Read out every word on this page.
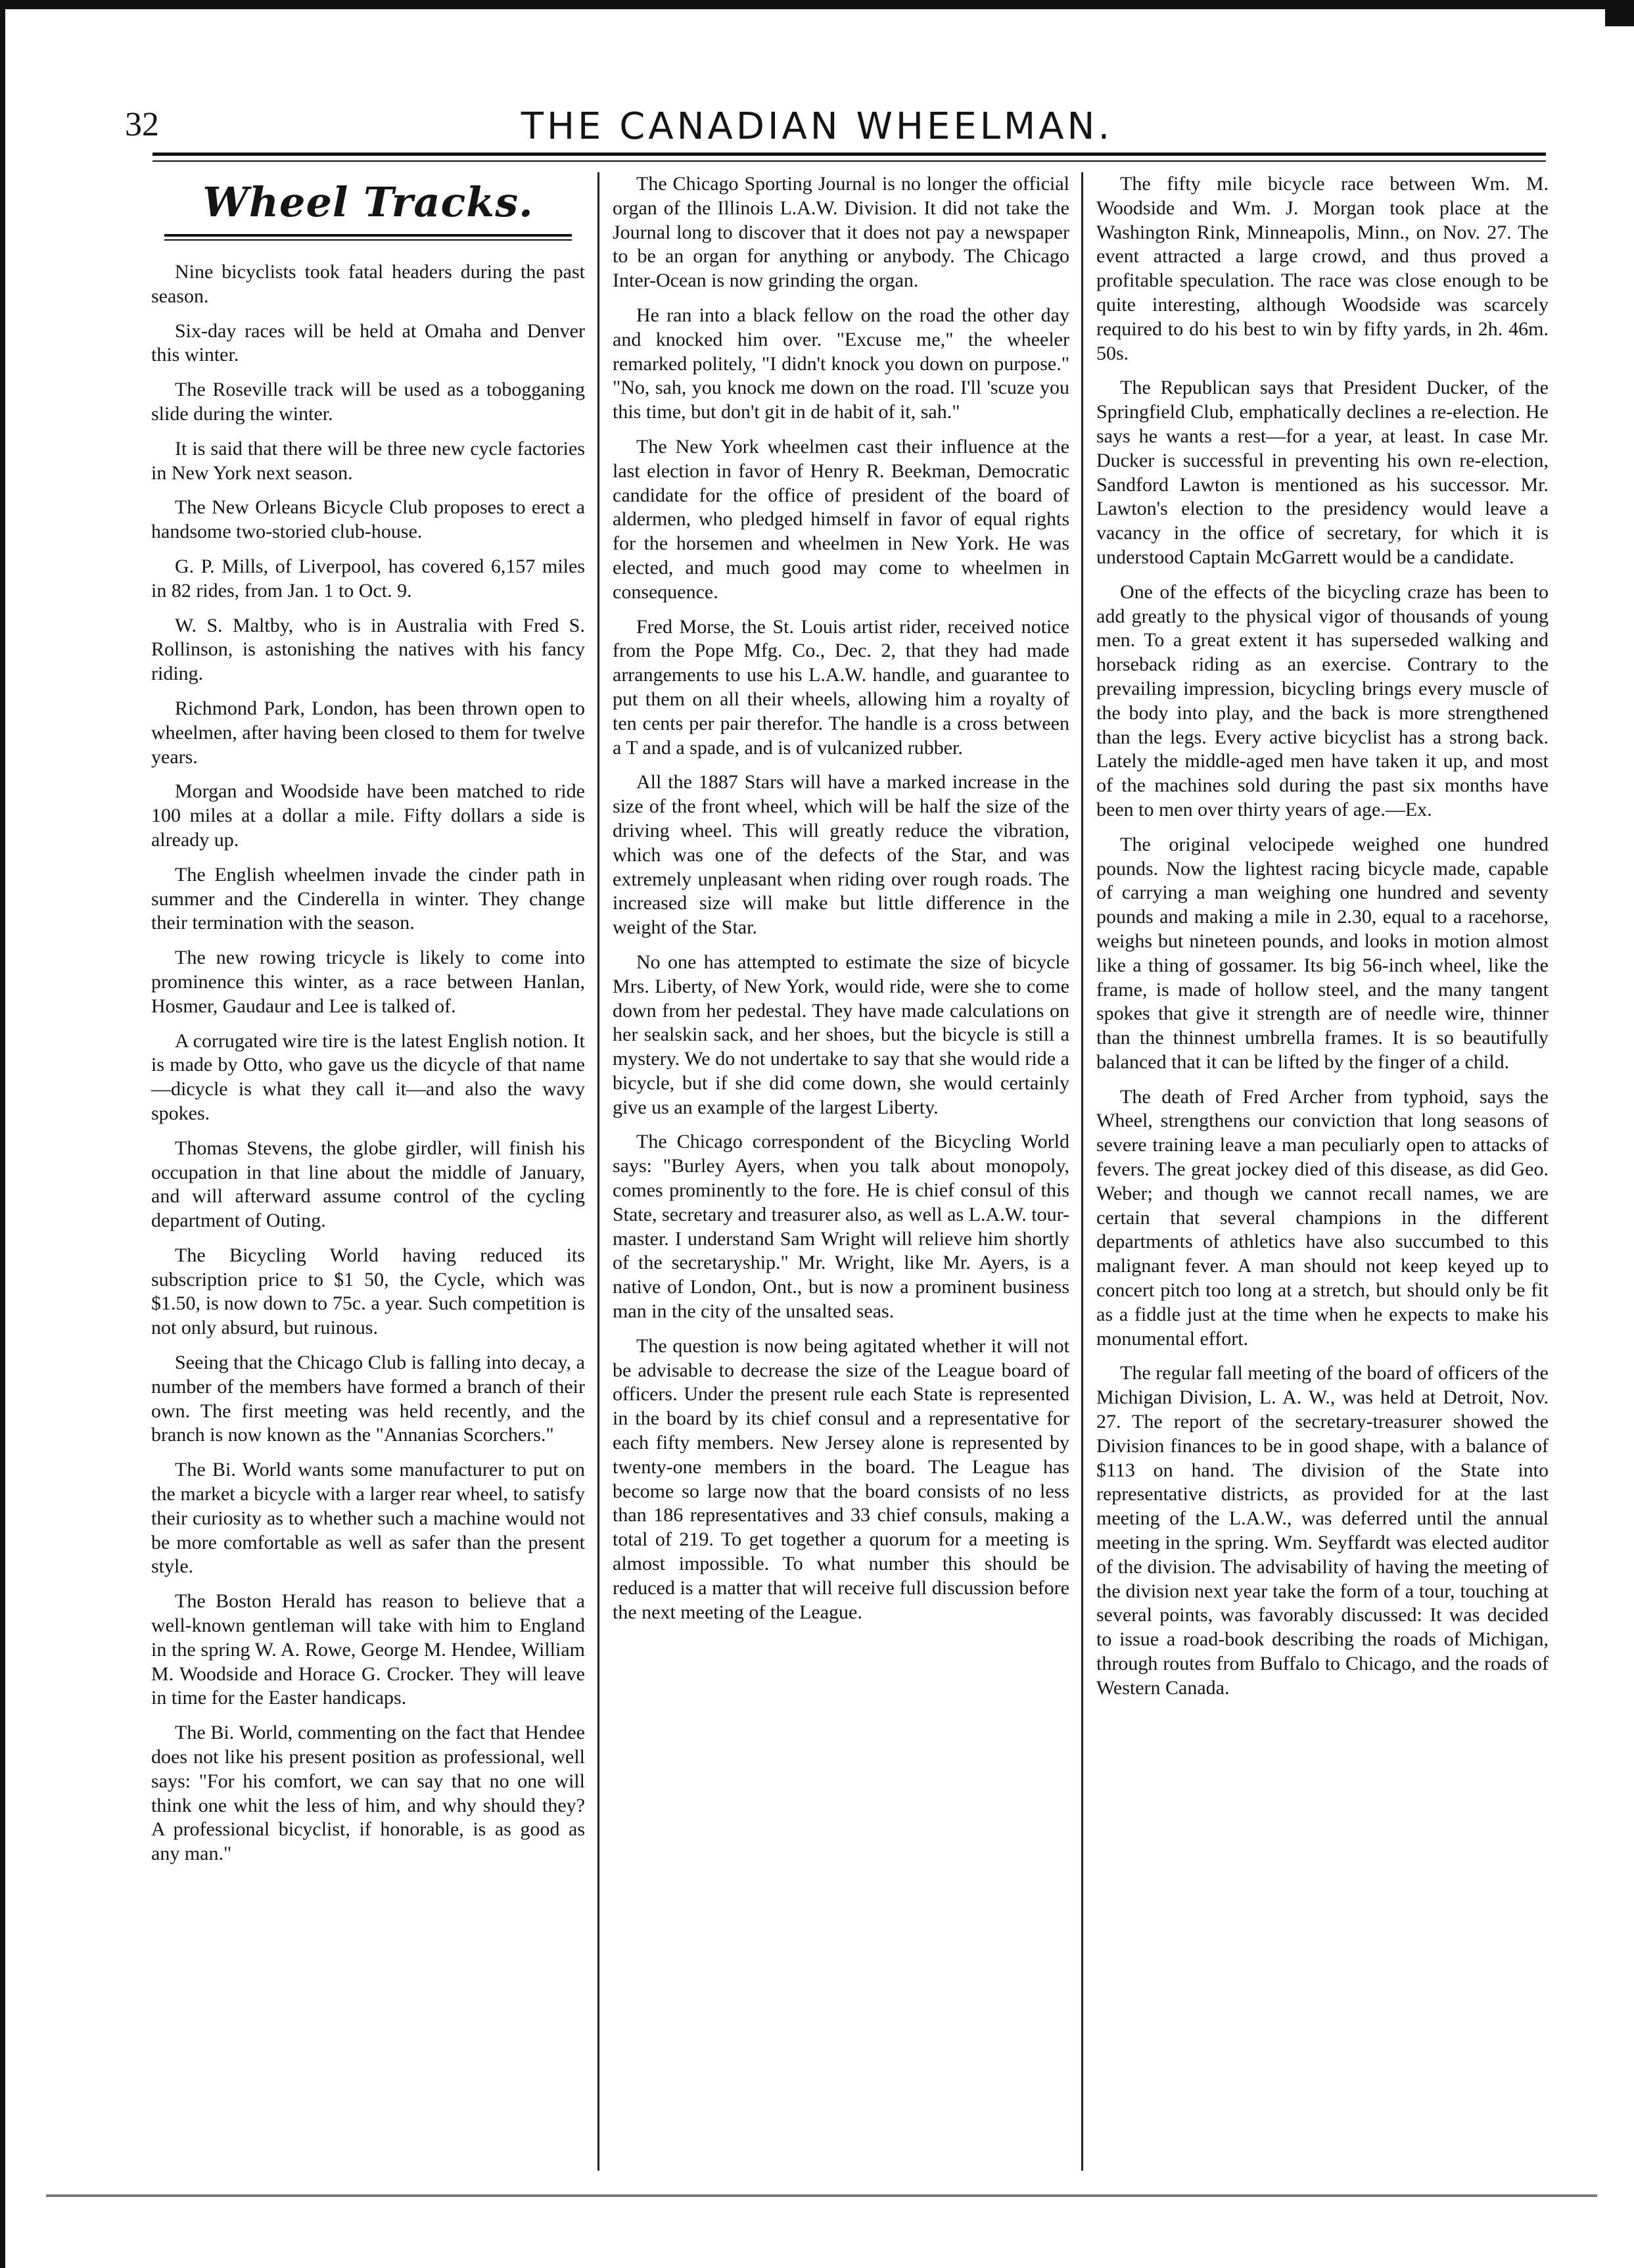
32	THE CANADIAN WHEELMAN.
Wheel Tracks.

Nine bicyclists took fatal headers during the past season.

Six-day races will be held at Omaha and Denver this winter.

The Roseville track will be used as a tobogganing slide during the winter.

It is said that there will be three new cycle factories in New York next season.

The New Orleans Bicycle Club proposes to erect a handsome two-storied club-house.

G. P. Mills, of Liverpool, has covered 6,157 miles in 82 rides, from Jan. 1 to Oct. 9.

W. S. Maltby, who is in Australia with Fred S. Rollinson, is astonishing the natives with his fancy riding.

Richmond Park, London, has been thrown open to wheelmen, after having been closed to them for twelve years.

Morgan and Woodside have been matched to ride 100 miles at a dollar a mile. Fifty dollars a side is already up.

The English wheelmen invade the cinder path in summer and the Cinderella in winter. They change their termination with the season.

The new rowing tricycle is likely to come into prominence this winter, as a race between Hanlan, Hosmer, Gaudaur and Lee is talked of.

A corrugated wire tire is the latest English notion. It is made by Otto, who gave us the dicycle of that name—dicycle is what they call it—and also the wavy spokes.

Thomas Stevens, the globe girdler, will finish his occupation in that line about the middle of January, and will afterward assume control of the cycling department of Outing.

The Bicycling World having reduced its subscription price to $1 50, the Cycle, which was $1.50, is now down to 75c. a year. Such competition is not only absurd, but ruinous.

Seeing that the Chicago Club is falling into decay, a number of the members have formed a branch of their own. The first meeting was held recently, and the branch is now known as the "Annanias Scorchers."

The Bi. World wants some manufacturer to put on the market a bicycle with a larger rear wheel, to satisfy their curiosity as to whether such a machine would not be more comfortable as well as safer than the present style.

The Boston Herald has reason to believe that a well-known gentleman will take with him to England in the spring W. A. Rowe, George M. Hendee, William M. Woodside and Horace G. Crocker. They will leave in time for the Easter handicaps.

The Bi. World, commenting on the fact that Hendee does not like his present position as professional, well says: "For his comfort, we can say that no one will think one whit the less of him, and why should they? A professional bicyclist, if honorable, is as good as any man."

The Chicago Sporting Journal is no longer the official organ of the Illinois L.A.W. Division. It did not take the Journal long to discover that it does not pay a newspaper to be an organ for anything or anybody. The Chicago Inter-Ocean is now grinding the organ.

He ran into a black fellow on the road the other day and knocked him over. "Excuse me," the wheeler remarked politely, "I didn't knock you down on purpose." "No, sah, you knock me down on the road. I'll 'scuze you this time, but don't git in de habit of it, sah."

The New York wheelmen cast their influence at the last election in favor of Henry R. Beekman, Democratic candidate for the office of president of the board of aldermen, who pledged himself in favor of equal rights for the horsemen and wheelmen in New York. He was elected, and much good may come to wheelmen in consequence.

Fred Morse, the St. Louis artist rider, received notice from the Pope Mfg. Co., Dec. 2, that they had made arrangements to use his L.A.W. handle, and guarantee to put them on all their wheels, allowing him a royalty of ten cents per pair therefor. The handle is a cross between a T and a spade, and is of vulcanized rubber.

All the 1887 Stars will have a marked increase in the size of the front wheel, which will be half the size of the driving wheel. This will greatly reduce the vibration, which was one of the defects of the Star, and was extremely unpleasant when riding over rough roads. The increased size will make but little difference in the weight of the Star.

No one has attempted to estimate the size of bicycle Mrs. Liberty, of New York, would ride, were she to come down from her pedestal. They have made calculations on her sealskin sack, and her shoes, but the bicycle is still a mystery. We do not undertake to say that she would ride a bicycle, but if she did come down, she would certainly give us an example of the largest Liberty.

The Chicago correspondent of the Bicycling World says: "Burley Ayers, when you talk about monopoly, comes prominently to the fore. He is chief consul of this State, secretary and treasurer also, as well as L.A.W. tour-master. I understand Sam Wright will relieve him shortly of the secretaryship." Mr. Wright, like Mr. Ayers, is a native of London, Ont., but is now a prominent business man in the city of the unsalted seas.

The question is now being agitated whether it will not be advisable to decrease the size of the League board of officers. Under the present rule each State is represented in the board by its chief consul and a representative for each fifty members. New Jersey alone is represented by twenty-one members in the board. The League has become so large now that the board consists of no less than 186 representatives and 33 chief consuls, making a total of 219. To get together a quorum for a meeting is almost impossible. To what number this should be reduced is a matter that will receive full discussion before the next meeting of the League.

The fifty mile bicycle race between Wm. M. Woodside and Wm. J. Morgan took place at the Washington Rink, Minneapolis, Minn., on Nov. 27. The event attracted a large crowd, and thus proved a profitable speculation. The race was close enough to be quite interesting, although Woodside was scarcely required to do his best to win by fifty yards, in 2h. 46m. 50s.

The Republican says that President Ducker, of the Springfield Club, emphatically declines a re-election. He says he wants a rest—for a year, at least. In case Mr. Ducker is successful in preventing his own re-election, Sandford Lawton is mentioned as his successor. Mr. Lawton's election to the presidency would leave a vacancy in the office of secretary, for which it is understood Captain McGarrett would be a candidate.

One of the effects of the bicycling craze has been to add greatly to the physical vigor of thousands of young men. To a great extent it has superseded walking and horseback riding as an exercise. Contrary to the prevailing impression, bicycling brings every muscle of the body into play, and the back is more strengthened than the legs. Every active bicyclist has a strong back. Lately the middle-aged men have taken it up, and most of the machines sold during the past six months have been to men over thirty years of age.—Ex.

The original velocipede weighed one hundred pounds. Now the lightest racing bicycle made, capable of carrying a man weighing one hundred and seventy pounds and making a mile in 2.30, equal to a racehorse, weighs but nineteen pounds, and looks in motion almost like a thing of gossamer. Its big 56-inch wheel, like the frame, is made of hollow steel, and the many tangent spokes that give it strength are of needle wire, thinner than the thinnest umbrella frames. It is so beautifully balanced that it can be lifted by the finger of a child.

The death of Fred Archer from typhoid, says the Wheel, strengthens our conviction that long seasons of severe training leave a man peculiarly open to attacks of fevers. The great jockey died of this disease, as did Geo. Weber; and though we cannot recall names, we are certain that several champions in the different departments of athletics have also succumbed to this malignant fever. A man should not keep keyed up to concert pitch too long at a stretch, but should only be fit as a fiddle just at the time when he expects to make his monumental effort.

The regular fall meeting of the board of officers of the Michigan Division, L. A. W., was held at Detroit, Nov. 27. The report of the secretary-treasurer showed the Division finances to be in good shape, with a balance of $113 on hand. The division of the State into representative districts, as provided for at the last meeting of the L.A.W., was deferred until the annual meeting in the spring. Wm. Seyffardt was elected auditor of the division. The advisability of having the meeting of the division next year take the form of a tour, touching at several points, was favorably discussed: It was decided to issue a road-book describing the roads of Michigan, through routes from Buffalo to Chicago, and the roads of Western Canada.
